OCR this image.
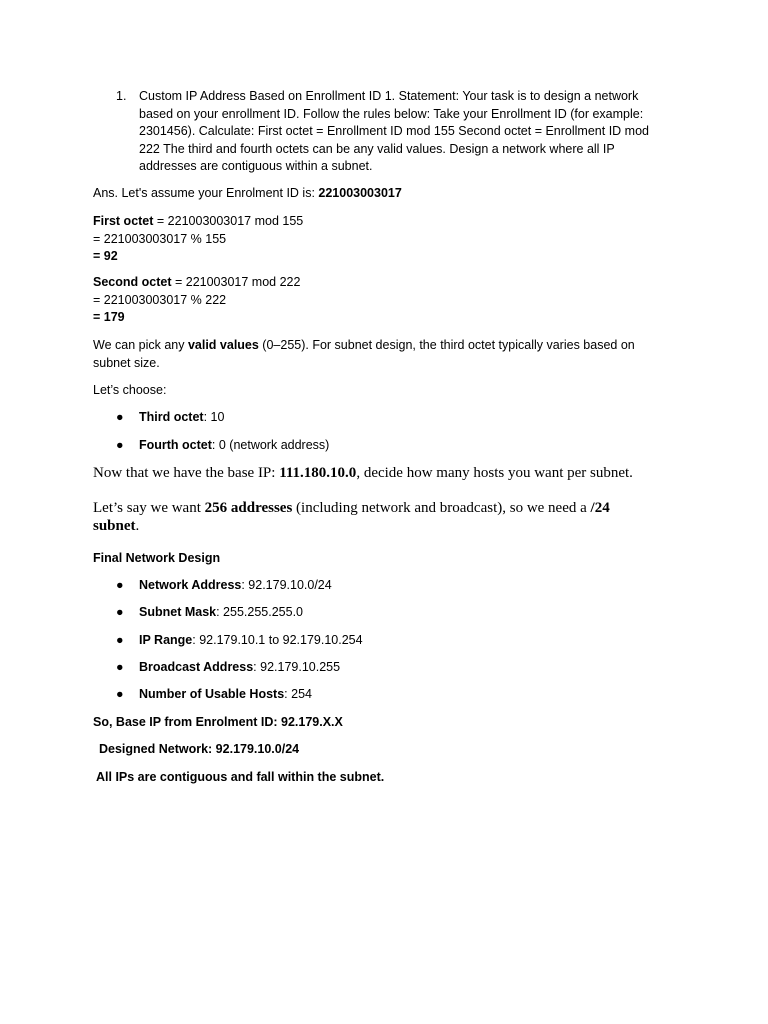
1. Custom IP Address Based on Enrollment ID 1. Statement: Your task is to design a network based on your enrollment ID. Follow the rules below: Take your Enrollment ID (for example: 2301456). Calculate: First octet = Enrollment ID mod 155 Second octet = Enrollment ID mod 222 The third and fourth octets can be any valid values. Design a network where all IP addresses are contiguous within a subnet.
Ans. Let's assume your Enrolment ID is: 221003003017
First octet = 221003003017 mod 155
= 221003003017 % 155
= 92
Second octet = 221003017 mod 222
= 221003003017 % 222
= 179
We can pick any valid values (0–255). For subnet design, the third octet typically varies based on subnet size.
Let’s choose:
● Third octet: 10
● Fourth octet: 0 (network address)
Now that we have the base IP: 111.180.10.0, decide how many hosts you want per subnet.
Let’s say we want 256 addresses (including network and broadcast), so we need a /24 subnet.
Final Network Design
● Network Address: 92.179.10.0/24
● Subnet Mask: 255.255.255.0
● IP Range: 92.179.10.1 to 92.179.10.254
● Broadcast Address: 92.179.10.255
● Number of Usable Hosts: 254
So, Base IP from Enrolment ID: 92.179.X.X
Designed Network: 92.179.10.0/24
All IPs are contiguous and fall within the subnet.
